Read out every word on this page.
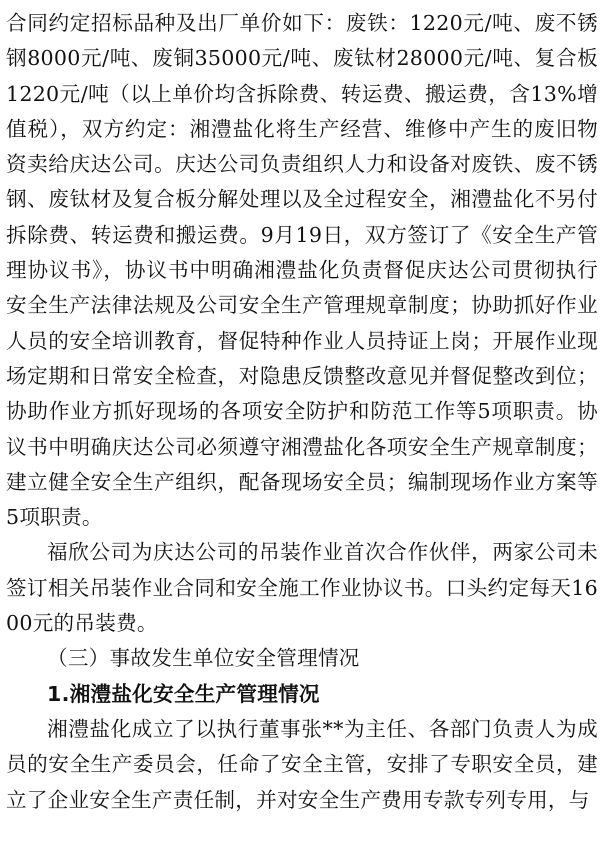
合同约定招标品种及出厂单价如下：废铁：1220元/吨、废不锈钢8000元/吨、废铜35000元/吨、废钛材28000元/吨、复合板1220元/吨（以上单价均含拆除费、转运费、搬运费，含13%增值税），双方约定：湘澧盐化将生产经营、维修中产生的废旧物资卖给庆达公司。庆达公司负责组织人力和设备对废铁、废不锈钢、废钛材及复合板分解处理以及全过程安全，湘澧盐化不另付拆除费、转运费和搬运费。9月19日，双方签订了《安全生产管理协议书》，协议书中明确湘澧盐化负责督促庆达公司贯彻执行安全生产法律法规及公司安全生产管理规章制度；协助抓好作业人员的安全培训教育，督促特种作业人员持证上岗；开展作业现场定期和日常安全检查，对隐患反馈整改意见并督促整改到位；协助作业方抓好现场的各项安全防护和防范工作等5项职责。协议书中明确庆达公司必须遵守湘澧盐化各项安全生产规章制度；建立健全安全生产组织，配备现场安全员；编制现场作业方案等5项职责。

福欣公司为庆达公司的吊装作业首次合作伙伴，两家公司未签订相关吊装作业合同和安全施工作业协议书。口头约定每天1600元的吊装费。

（三）事故发生单位安全管理情况

1.湘澧盐化安全生产管理情况

湘澧盐化成立了以执行董事张**为主任、各部门负责人为成员的安全生产委员会，任命了安全主管，安排了专职安全员，建立了企业安全生产责任制，并对安全生产费用专款专列专用，与
